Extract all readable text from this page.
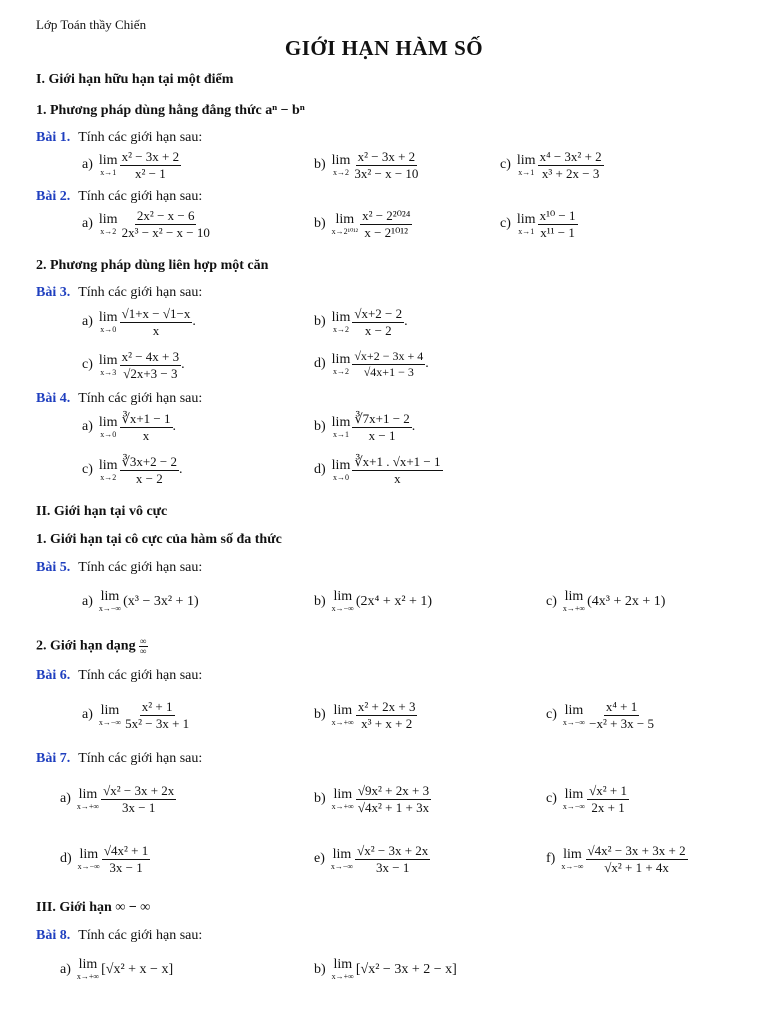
Lớp Toán thầy Chiến
GIỚI HẠN HÀM SỐ
I. Giới hạn hữu hạn tại một điểm
1. Phương pháp dùng hằng đẳng thức aⁿ − bⁿ
Bài 1. Tính các giới hạn sau:
a) lim
$x\to 1 \frac{\text{x² − 3x + 2}}{\text{x² − 1}}$	b) lim
$x\to 2 \frac{\text{x² − 3x + 2}}{\text{3x² − x − 10}}$	c) lim
$x\to 1 \frac{\text{x⁴ − 3x² + 2}}{\text{x³ + 2x − 3}}$
Bài 2. Tính các giới hạn sau:
a) lim
$x\to 2 \frac{\text{2x² − x − 6}}{\text{2x³ − x² − x − 10}}$	b) lim
$x\to 2^{1012} \frac{\text{x² − 2²⁰²⁴}}{\text{x − 2¹⁰¹²}}$	c) lim
$x\to 1 \frac{\text{x¹⁰ − 1}}{\text{x¹¹ − 1}}$
2. Phương pháp dùng liên hợp một căn
Bài 3. Tính các giới hạn sau:
a) lim
$x\to 0 \frac{√1+x - √1-x}{x}$ .	b) lim
$x\to 2 \frac{√x+2 - 2}{x - 2}$ .
c) lim
$x\to 3 \frac{\text{x² − 4x + 3}}{√2x+3 - 3}$ .	d) lim
$x\to 2 \frac{√x+2 - 3x + 4}{√4x+1 - 3}$ .
Bài 4. Tính các giới hạn sau:
a) lim
$x\to 0 \frac{∛x+1 - 1}{x}$ .	b) lim
$x\to 1 \frac{∛7x+1 - 2}{x - 1}$ .
c) lim
$x\to 2 \frac{∛3x+2 - 2}{x - 2}$ .	d) lim
$x\to 0 \frac{∛x+1 . √x+1 - 1}{x}$
II. Giới hạn tại vô cực
1. Giới hạn tại cô cực của hàm số đa thức
Bài 5. Tính các giới hạn sau:
a) lim
x→−∞ (x³ − 3x² + 1)	b) lim
x→−∞ (2x⁴ + x² + 1)	c) lim
x→+∞ (4x³ + 2x + 1)
2. Giới hạn dạng ∞
∞
Bài 6. Tính các giới hạn sau:
a) lim
$x\to-\infty \frac{\text{x² + 1}}{\text{5x² − 3x + 1}}$	b) lim
$x\to+\infty \frac{\text{x² + 2x + 3}}{\text{x³ + x + 2}}$	c) lim
$x\to-\infty \frac{\text{x⁴ + 1}}{\text{−x² + 3x − 5}}$
Bài 7. Tính các giới hạn sau:
a) lim
$x\to+\infty \frac{\text{√x² − 3x + 2x}}{3x - 1}$	b) lim
$x\to+\infty \frac{\text{√9x² + 2x + 3}}{\text{√4x² + 1 + 3x}}$	c) lim
$x\to-\infty \frac{\text{√x² + 1}}{2x + 1}$
d) lim
$x\to-\infty \frac{\text{√4x² + 1}}{3x - 1}$	e) lim
$x\to-\infty \frac{\text{√x² − 3x + 2x}}{3x - 1}$	f) lim
$x\to-\infty \frac{\text{√4x² − 3x + 3x + 2}}{\text{√x² + 1 + 4x}}$
III. Giới hạn ∞ − ∞
Bài 8. Tính các giới hạn sau:
a) lim
x→+∞ [√x² + x − x]	b) lim
x→+∞ [√x² − 3x + 2 − x]
